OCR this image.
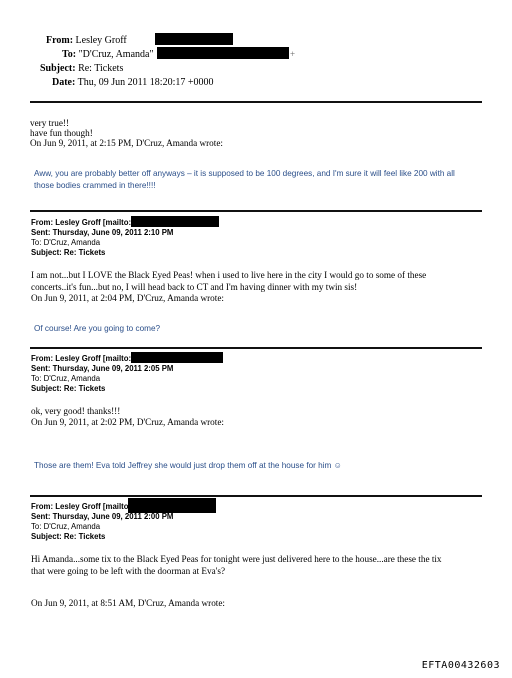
From: Lesley Groff
To: "D'Cruz, Amanda"	+
Subject: Re: Tickets
Date: Thu, 09 Jun 2011 18:20:17 +0000
very true!!
have fun though!
On Jun 9, 2011, at 2:15 PM, D'Cruz, Amanda wrote:
Aww, you are probably better off anyways – it is supposed to be 100 degrees, and I'm sure it will feel like 200 with all
those bodies crammed in there!!!!
From: Lesley Groff [mailto:
Sent: Thursday, June 09, 2011 2:10 PM
To: D'Cruz, Amanda
Subject: Re: Tickets
I am not...but I LOVE the Black Eyed Peas! when i used to live here in the city I would go to some of these
concerts..it's fun...but no, I will head back to CT and I'm having dinner with my twin sis!
On Jun 9, 2011, at 2:04 PM, D'Cruz, Amanda wrote:
Of course! Are you going to come?
From: Lesley Groff [mailto:
Sent: Thursday, June 09, 2011 2:05 PM
To: D'Cruz, Amanda
Subject: Re: Tickets
ok, very good! thanks!!!
On Jun 9, 2011, at 2:02 PM, D'Cruz, Amanda wrote:
Those are them! Eva told Jeffrey she would just drop them off at the house for him ☺
From: Lesley Groff [mailto
Sent: Thursday, June 09, 2011 2:00 PM
To: D'Cruz, Amanda
Subject: Re: Tickets
Hi Amanda...some tix to the Black Eyed Peas for tonight were just delivered here to the house...are these the tix
that were going to be left with the doorman at Eva's?
On Jun 9, 2011, at 8:51 AM, D'Cruz, Amanda wrote:
EFTA00432603
